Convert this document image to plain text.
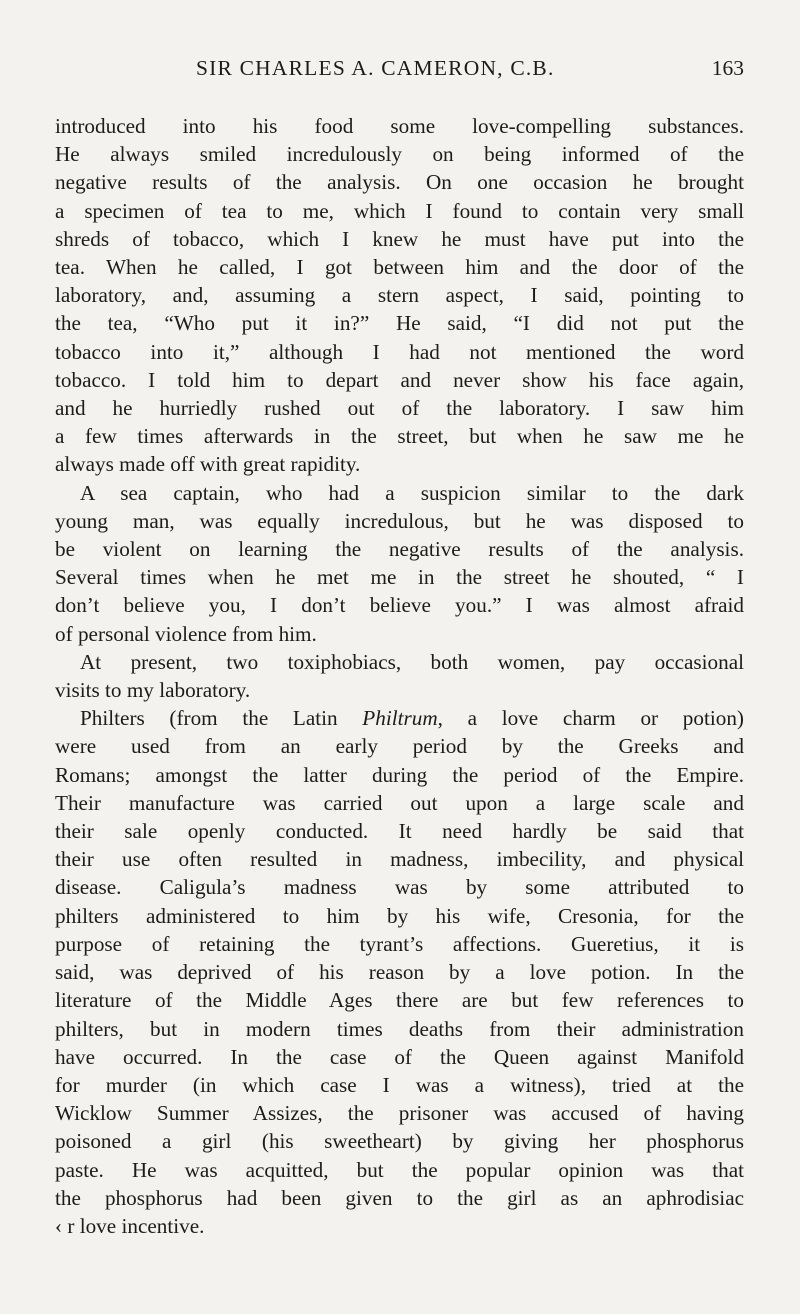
SIR CHARLES A. CAMERON, C.B.	163

introduced into his food some love-compelling substances.

He always smiled incredulously on being informed of the

negative results of the analysis. On one occasion he brought

a specimen of tea to me, which I found to contain very small

shreds of tobacco, which I knew he must have put into the

tea. When he called, I got between him and the door of the

laboratory, and, assuming a stern aspect, I said, pointing to

the tea, “Who put it in?” He said, “I did not put the

tobacco into it,” although I had not mentioned the word

tobacco. I told him to depart and never show his face again,

and he hurriedly rushed out of the laboratory. I saw him

a few times afterwards in the street, but when he saw me he

always made off with great rapidity.

A sea captain, who had a suspicion similar to the dark

young man, was equally incredulous, but he was disposed to

be violent on learning the negative results of the analysis.

Several times when he met me in the street he shouted, “ I

don’t believe you, I don’t believe you.” I was almost afraid

of personal violence from him.

At present, two toxiphobiacs, both women, pay occasional

visits to my laboratory.

Philters (from the Latin Philtrum, a love charm or potion)

were used from an early period by the Greeks and

Romans; amongst the latter during the period of the Empire.

Their manufacture was carried out upon a large scale and

their sale openly conducted. It need hardly be said that

their use often resulted in madness, imbecility, and physical

disease. Caligula’s madness was by some attributed to

philters administered to him by his wife, Cresonia, for the

purpose of retaining the tyrant’s affections. Gueretius, it is

said, was deprived of his reason by a love potion. In the

literature of the Middle Ages there are but few references to

philters, but in modern times deaths from their administration

have occurred. In the case of the Queen against Manifold

for murder (in which case I was a witness), tried at the

Wicklow Summer Assizes, the prisoner was accused of having

poisoned a girl (his sweetheart) by giving her phosphorus

paste. He was acquitted, but the popular opinion was that

the phosphorus had been given to the girl as an aphrodisiac

‹ r love incentive.
